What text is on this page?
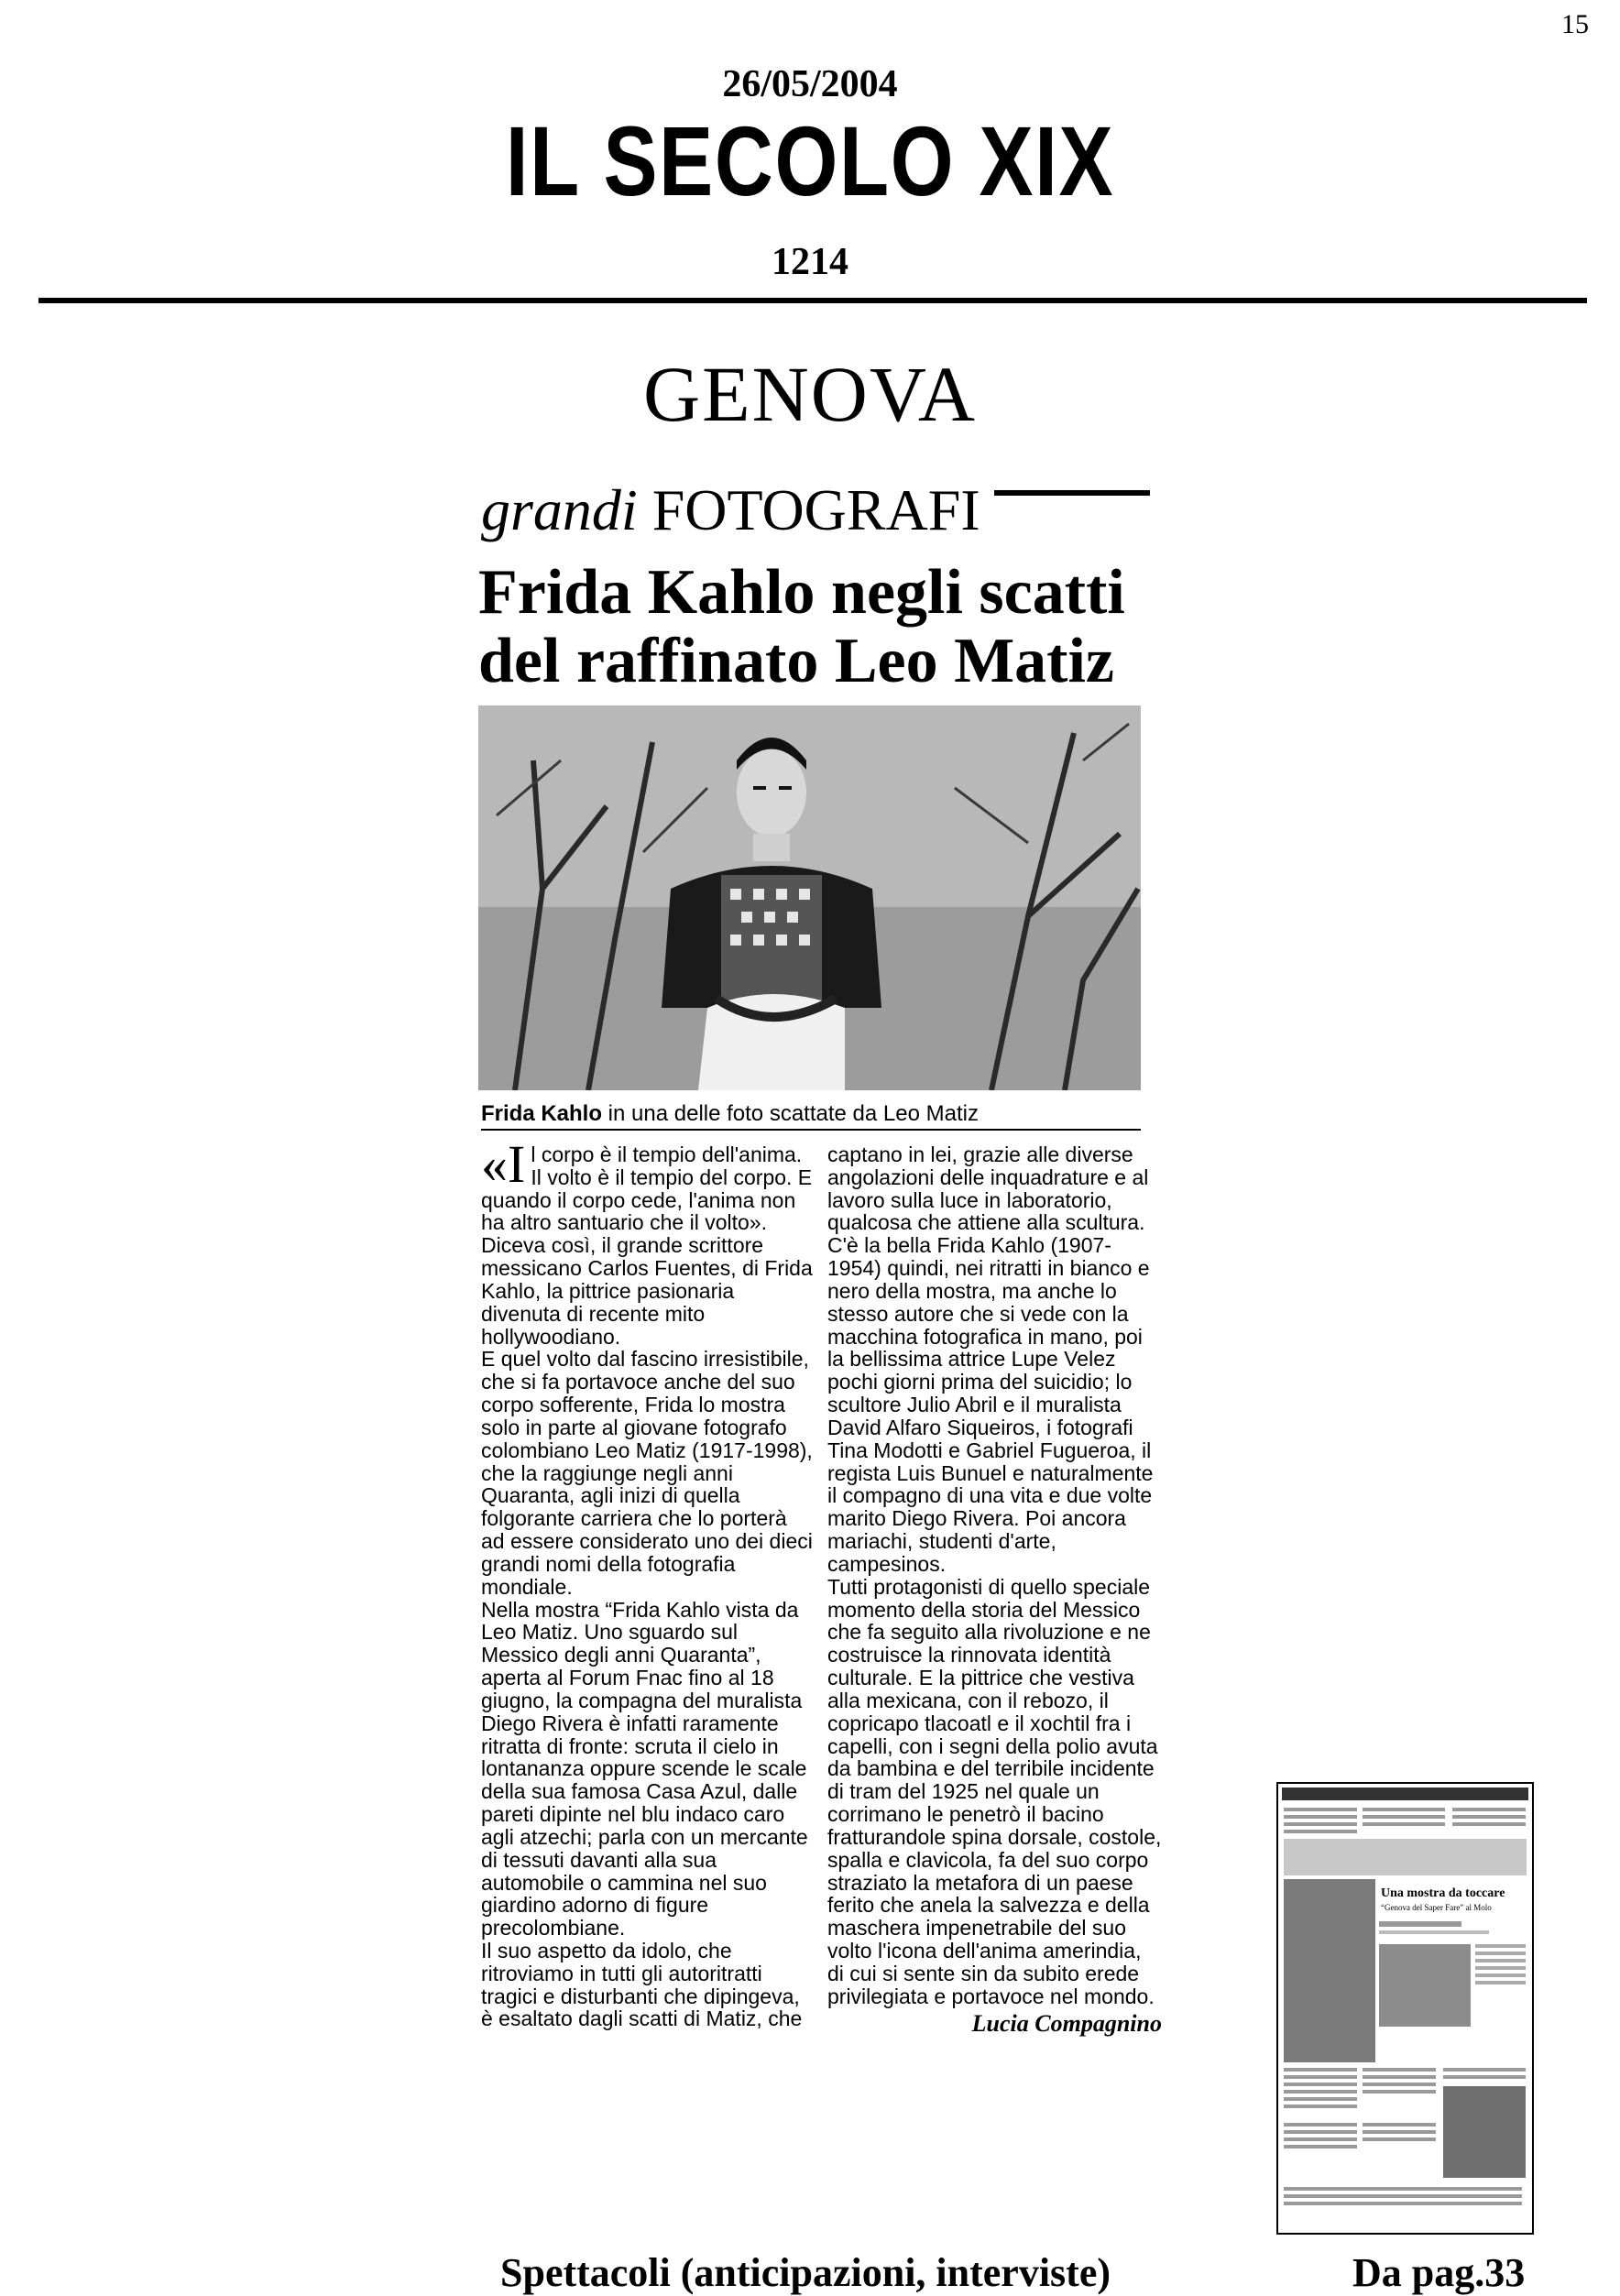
15
26/05/2004
IL SECOLO XIX
1214
GENOVA
grandi FOTOGRAFI
Frida Kahlo negli scatti del raffinato Leo Matiz
Frida Kahlo in una delle foto scattate da Leo Matiz

«Il corpo è il tempio dell'anima. Il volto è il tempio del corpo. E quando il corpo cede, l'anima non ha altro santuario che il volto».

Diceva così, il grande scrittore messicano Carlos Fuentes, di Frida Kahlo, la pittrice pasionaria divenuta di recente mito hollywoodiano.

E quel volto dal fascino irresistibile, che si fa portavoce anche del suo corpo sofferente, Frida lo mostra solo in parte al giovane fotografo colombiano Leo Matiz (1917-1998), che la raggiunge negli anni Quaranta, agli inizi di quella folgorante carriera che lo porterà ad essere considerato uno dei dieci grandi nomi della fotografia mondiale.

Nella mostra “Frida Kahlo vista da Leo Matiz. Uno sguardo sul Messico degli anni Quaranta”, aperta al Forum Fnac fino al 18 giugno, la compagna del muralista Diego Rivera è infatti raramente ritratta di fronte: scruta il cielo in lontananza oppure scende le scale della sua famosa Casa Azul, dalle pareti dipinte nel blu indaco caro agli atzechi; parla con un mercante di tessuti davanti alla sua automobile o cammina nel suo giardino adorno di figure precolombiane.

Il suo aspetto da idolo, che ritroviamo in tutti gli autoritratti tragici e disturbanti che dipingeva, è esaltato dagli scatti di Matiz, che

captano in lei, grazie alle diverse angolazioni delle inquadrature e al lavoro sulla luce in laboratorio, qualcosa che attiene alla scultura. C'è la bella Frida Kahlo (1907-1954) quindi, nei ritratti in bianco e nero della mostra, ma anche lo stesso autore che si vede con la macchina fotografica in mano, poi la bellissima attrice Lupe Velez pochi giorni prima del suicidio; lo scultore Julio Abril e il muralista David Alfaro Siqueiros, i fotografi Tina Modotti e Gabriel Fugueroa, il regista Luis Bunuel e naturalmente il compagno di una vita e due volte marito Diego Rivera. Poi ancora mariachi, studenti d'arte, campesinos.

Tutti protagonisti di quello speciale momento della storia del Messico che fa seguito alla rivoluzione e ne costruisce la rinnovata identità culturale. E la pittrice che vestiva alla mexicana, con il rebozo, il copricapo tlacoatl e il xochtil fra i capelli, con i segni della polio avuta da bambina e del terribile incidente di tram del 1925 nel quale un corrimano le penetrò il bacino fratturandole spina dorsale, costole, spalla e clavicola, fa del suo corpo straziato la metafora di un paese ferito che anela la salvezza e della maschera impenetrabile del suo volto l'icona dell'anima amerindia, di cui si sente sin da subito erede privilegiata e portavoce nel mondo.

Lucia Compagnino
Una mostra da toccare
“Genova del Saper Fare” al Molo
Spettacoli (anticipazioni, interviste)	Da pag.33
